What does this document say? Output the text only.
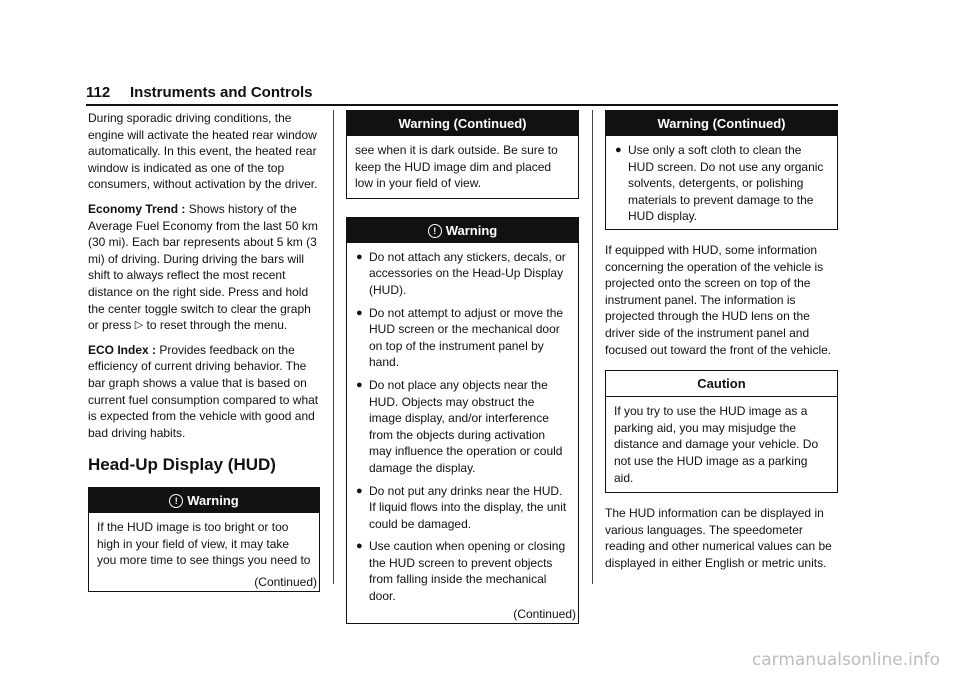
112 Instruments and Controls

During sporadic driving conditions, the engine will activate the heated rear window automatically. In this event, the heated rear window is indicated as one of the top consumers, without activation by the driver.

Economy Trend : Shows history of the Average Fuel Economy from the last 50 km (30 mi). Each bar represents about 5 km (3 mi) of driving. During driving the bars will shift to always reflect the most recent distance on the right side. Press and hold the center toggle switch to clear the graph or press ▷ to reset through the menu.

ECO Index : Provides feedback on the efficiency of current driving behavior. The bar graph shows a value that is based on current fuel consumption compared to what is expected from the vehicle with good and bad driving habits.

Head-Up Display (HUD)
! Warning

If the HUD image is too bright or too high in your field of view, it may take you more time to see things you need to

(Continued)
Warning (Continued)

see when it is dark outside. Be sure to keep the HUD image dim and placed low in your field of view.

! Warning
● Do not attach any stickers, decals, or accessories on the Head-Up Display (HUD).
● Do not attempt to adjust or move the HUD screen or the mechanical door on top of the instrument panel by hand.
● Do not place any objects near the HUD. Objects may obstruct the image display, and/or interference from the objects during activation may influence the operation or could damage the display.
● Do not put any drinks near the HUD. If liquid flows into the display, the unit could be damaged.
● Use caution when opening or closing the HUD screen to prevent objects from falling inside the mechanical door.
(Continued)
Warning (Continued)
● Use only a soft cloth to clean the HUD screen. Do not use any organic solvents, detergents, or polishing materials to prevent damage to the HUD display.

If equipped with HUD, some information concerning the operation of the vehicle is projected onto the screen on top of the instrument panel. The information is projected through the HUD lens on the driver side of the instrument panel and focused out toward the front of the vehicle.

Caution

If you try to use the HUD image as a parking aid, you may misjudge the distance and damage your vehicle. Do not use the HUD image as a parking aid.

The HUD information can be displayed in various languages. The speedometer reading and other numerical values can be displayed in either English or metric units.

carmanualsonline.info
